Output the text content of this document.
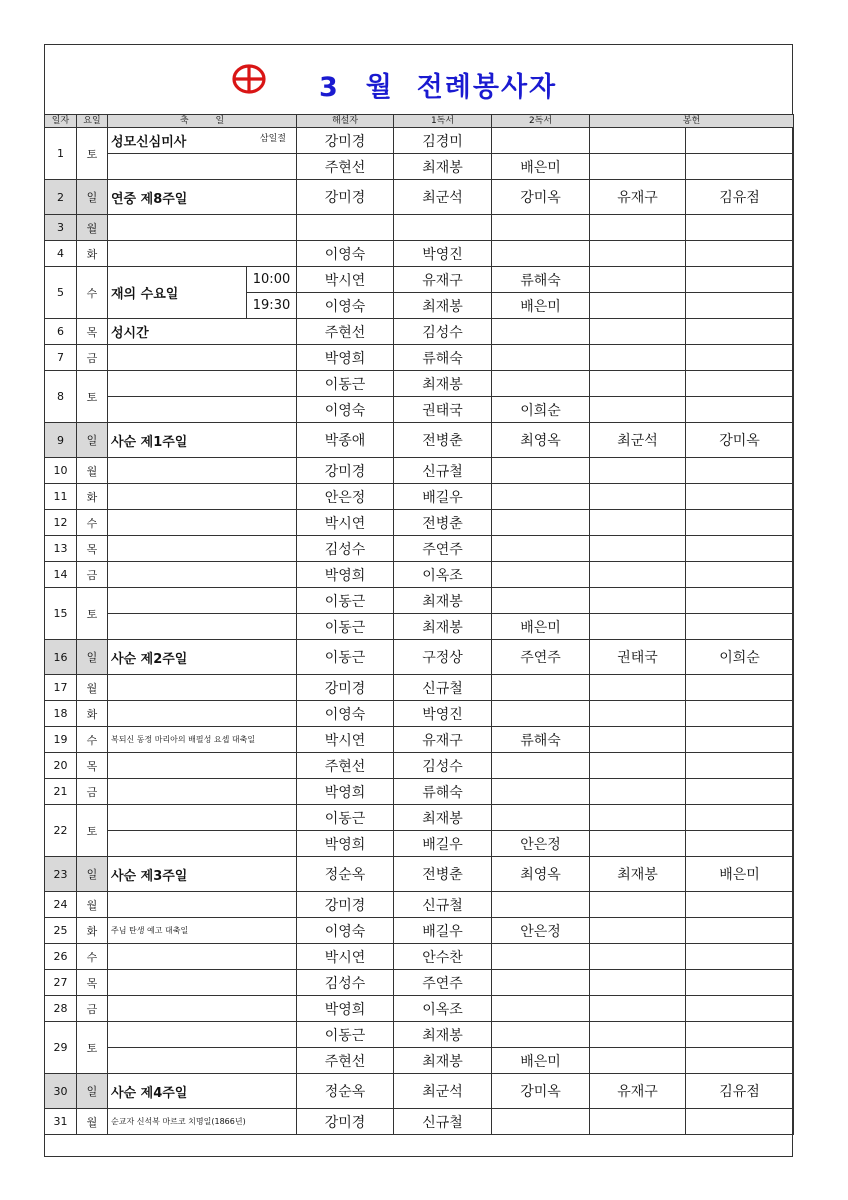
3 월 전례봉사자
일자	요일	축　　　일		해설자	1독서	2독서	봉헌	
1	토	성모신심미사 삼일절		강미경	김경미			
				주현선	최재봉	배은미		
2	일	연중 제8주일		강미경	최군석	강미옥	유재구	김유점
3	월							
4	화			이영숙	박영진			
5	수	재의 수요일	10:00	박시연	유재구	류해숙		
			19:30	이영숙	최재봉	배은미		
6	목	성시간		주현선	김성수			
7	금			박영희	류해숙			
8	토			이동근	최재봉			
				이영숙	권태국	이희순		
9	일	사순 제1주일		박종애	전병춘	최영옥	최군석	강미옥
10	월			강미경	신규철			
11	화			안은정	배길우			
12	수			박시연	전병춘			
13	목			김성수	주연주			
14	금			박영희	이옥조			
15	토			이동근	최재봉			
				이동근	최재봉	배은미		
16	일	사순 제2주일		이동근	구정상	주연주	권태국	이희순
17	월			강미경	신규철			
18	화			이영숙	박영진			
19	수	복되신 동정 마리아의 배필성 요셉 대축일		박시연	유재구	류해숙		
20	목			주현선	김성수			
21	금			박영희	류해숙			
22	토			이동근	최재봉			
				박영희	배길우	안은정		
23	일	사순 제3주일		정순옥	전병춘	최영옥	최재봉	배은미
24	월			강미경	신규철			
25	화	주님 탄생 예고 대축일		이영숙	배길우	안은정		
26	수			박시연	안수찬			
27	목			김성수	주연주			
28	금			박영희	이옥조			
29	토			이동근	최재봉			
				주현선	최재봉	배은미		
30	일	사순 제4주일		정순옥	최군석	강미옥	유재구	김유점
31	월	순교자 신석복 마르코 치명일(1866년)		강미경	신규철			
